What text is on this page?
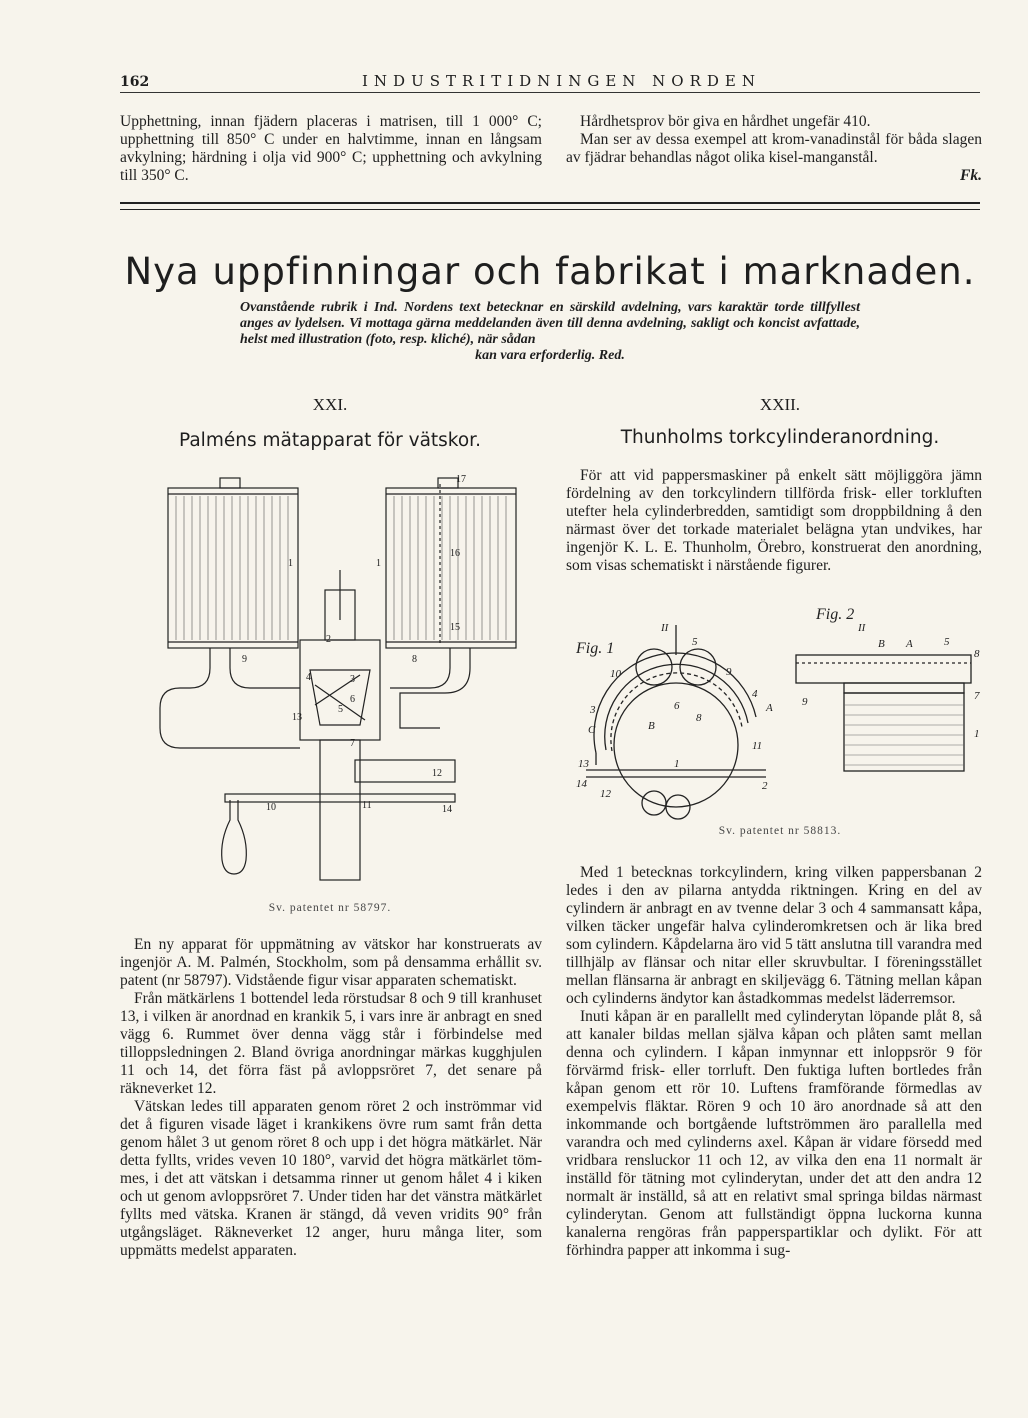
162	INDUSTRITIDNINGEN NORDEN

Upphettning, innan fjädern placeras i matrisen, till 1 000° C; upphettning till 850° C under en halvtimme, innan en långsam avkylning; härdning i olja vid 900° C; upphettning och avkylning till 350° C.

Hårdhetsprov bör giva en hårdhet ungefär 410.

Man ser av dessa exempel att krom-vanadinstål för båda slagen av fjädrar behandlas något olika kisel-manganstål.

Fk.
Nya uppfinningar och fabrikat i marknaden.
Ovanstående rubrik i Ind. Nordens text betecknar en särskild avdelning, vars karaktär torde tillfyllest anges av lydelsen. Vi mottaga gärna meddelanden även till denna avdelning, sakligt och koncist avfattade, helst med illustration (foto, resp. kliché), när sådan
kan vara erforderlig. Red.
XXI.
Palméns mätapparat för vätskor.
1	1
17
16
15
2
9	8
4	3
6
5
13
7
12
10	11	14
Sv. patentet nr 58797.

En ny apparat för uppmätning av vätskor har konstruerats av ingenjör A. M. Palmén, Stockholm, som på densamma erhållit sv. patent (nr 58797). Vidstående figur visar apparaten schematiskt.

Från mätkärlens 1 bottendel leda rörstudsar 8 och 9 till kranhuset 13, i vilken är anordnad en krankik 5, i vars inre är anbragt en sned vägg 6. Rummet över denna vägg står i förbindelse med tilloppsledningen 2. Bland övriga anordningar märkas kugghjulen 11 och 14, det förra fäst på avloppsröret 7, det senare på räkneverket 12.

Vätskan ledes till apparaten genom röret 2 och inströmmar vid det å figuren visade läget i krankikens övre rum samt från detta genom hålet 3 ut genom röret 8 och upp i det högra mätkärlet. När detta fyllts, vrides veven 10 180°, varvid det högra mätkärlet töm-mes, i det att vätskan i detsamma rinner ut genom hålet 4 i kiken och ut genom avloppsröret 7. Under tiden har det vänstra mätkärlet fyllts med vätska. Kranen är stängd, då veven vridits 90° från utgångsläget. Räkneverket 12 anger, huru många liter, som uppmätts medelst apparaten.

XXII.
Thunholms torkcylinderanordning.

För att vid pappersmaskiner på enkelt sätt möjliggöra jämn fördelning av den torkcylindern tillförda frisk- eller torkluften utefter hela cylinderbredden, samtidigt som droppbildning å den närmast över det torkade materialet belägna ytan undvikes, har ingenjör K. L. E. Thunholm, Örebro, konstruerat den anordning, som visas schematiskt i närstående figurer.

Fig. 1
II
10
5
9
3
C	B
6
8
4
A
11
1
13
14
12
2
Fig. 2
II
B A	5
8
9	7
1
Sv. patentet nr 58813.

Med 1 betecknas torkcylindern, kring vilken pappersbanan 2 ledes i den av pilarna antydda riktningen. Kring en del av cylindern är anbragt en av tvenne delar 3 och 4 sammansatt kåpa, vilken täcker ungefär halva cylinderomkretsen och är lika bred som cylindern. Kåpdelarna äro vid 5 tätt anslutna till varandra med tillhjälp av flänsar och nitar eller skruvbultar. I föreningsstället mellan flänsarna är anbragt en skiljevägg 6. Tätning mellan kåpan och cylinderns ändytor kan åstadkommas medelst läderremsor.

Inuti kåpan är en parallellt med cylinderytan löpande plåt 8, så att kanaler bildas mellan själva kåpan och plåten samt mellan denna och cylindern. I kåpan inmynnar ett inloppsrör 9 för förvärmd frisk- eller torrluft. Den fuktiga luften bortledes från kåpan genom ett rör 10. Luftens framförande förmedlas av exempelvis fläktar. Rören 9 och 10 äro anordnade så att den inkommande och bortgående luftströmmen äro parallella med varandra och med cylinderns axel. Kåpan är vidare försedd med vridbara rensluckor 11 och 12, av vilka den ena 11 normalt är inställd för tätning mot cylinderytan, under det att den andra 12 normalt är inställd, så att en relativt smal springa bildas närmast cylinderytan. Genom att fullständigt öppna luckorna kunna kanalerna rengöras från papperspartiklar och dylikt. För att förhindra papper att inkomma i sug-
